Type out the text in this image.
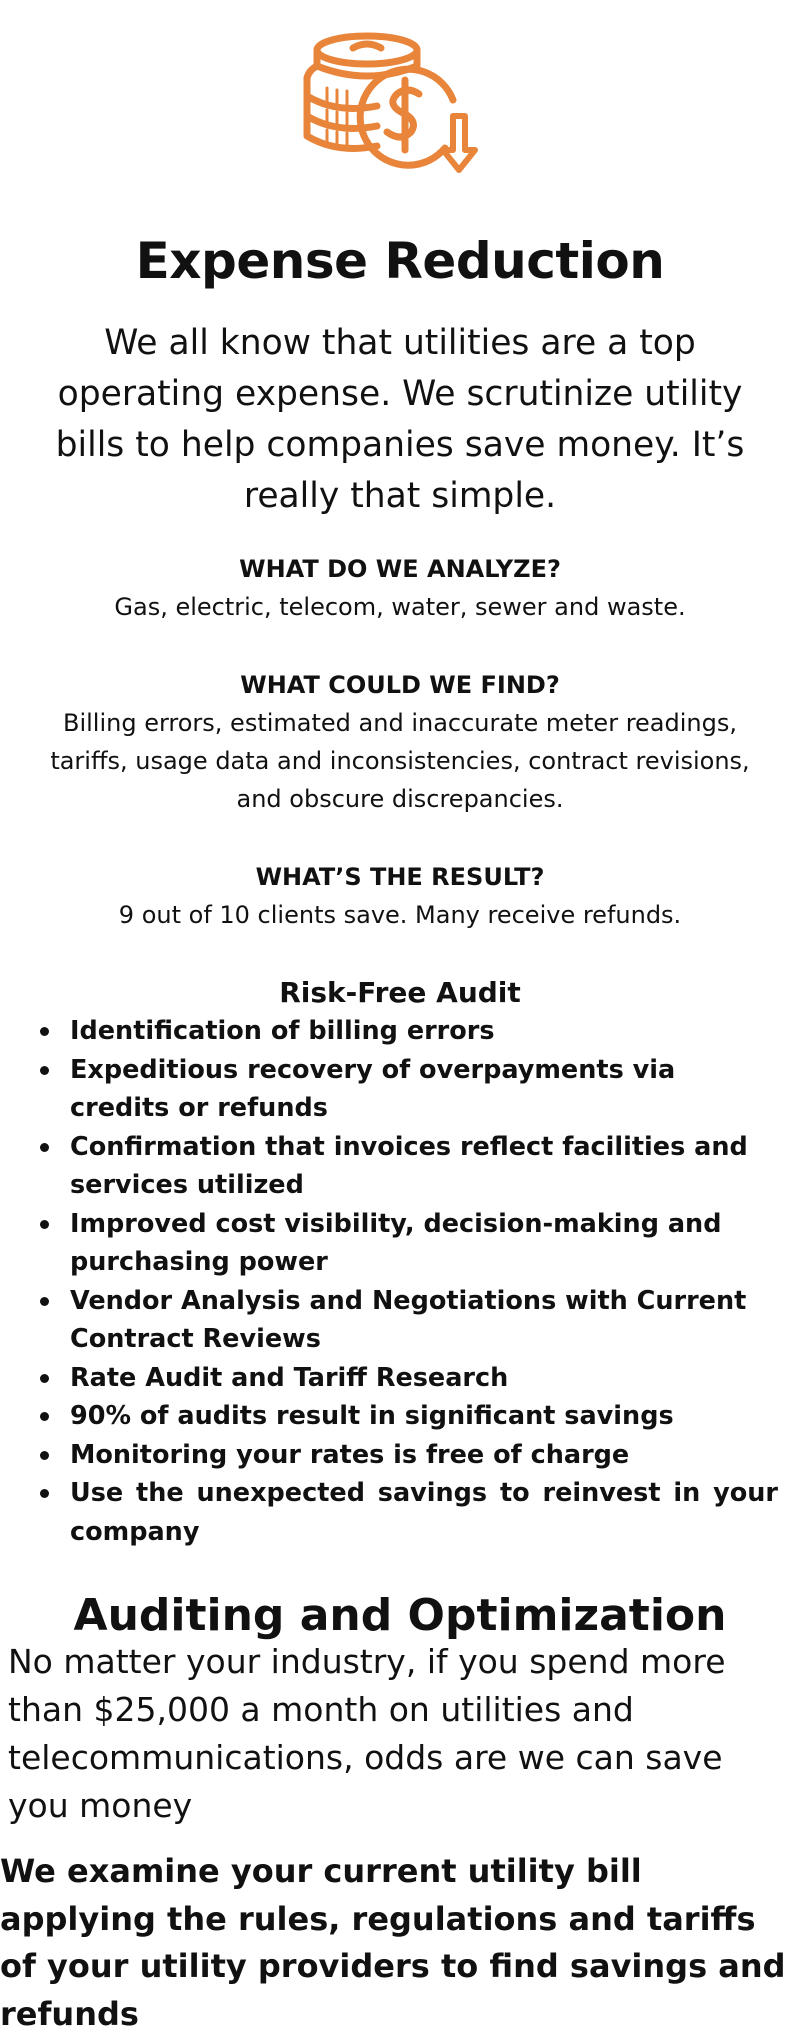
Expense Reduction

We all know that utilities are a top operating expense. We scrutinize utility bills to help companies save money. It’s really that simple.

WHAT DO WE ANALYZE?

Gas, electric, telecom, water, sewer and waste.

WHAT COULD WE FIND?

Billing errors, estimated and inaccurate meter readings, tariffs, usage data and inconsistencies, contract revisions, and obscure discrepancies.

WHAT’S THE RESULT?

9 out of 10 clients save. Many receive refunds.

Risk-Free Audit

Identification of billing errors
Expeditious recovery of overpayments via credits or refunds
Confirmation that invoices reflect facilities and services utilized
Improved cost visibility, decision-making and purchasing power
Vendor Analysis and Negotiations with Current Contract Reviews
Rate Audit and Tariff Research
90% of audits result in significant savings
Monitoring your rates is free of charge
Use the unexpected savings to reinvest in your company
Auditing and Optimization

No matter your industry, if you spend more than $25,000 a month on utilities and telecommunications, odds are we can save you money

We examine your current utility bill applying the rules, regulations and tariffs of your utility providers to find savings and refunds
